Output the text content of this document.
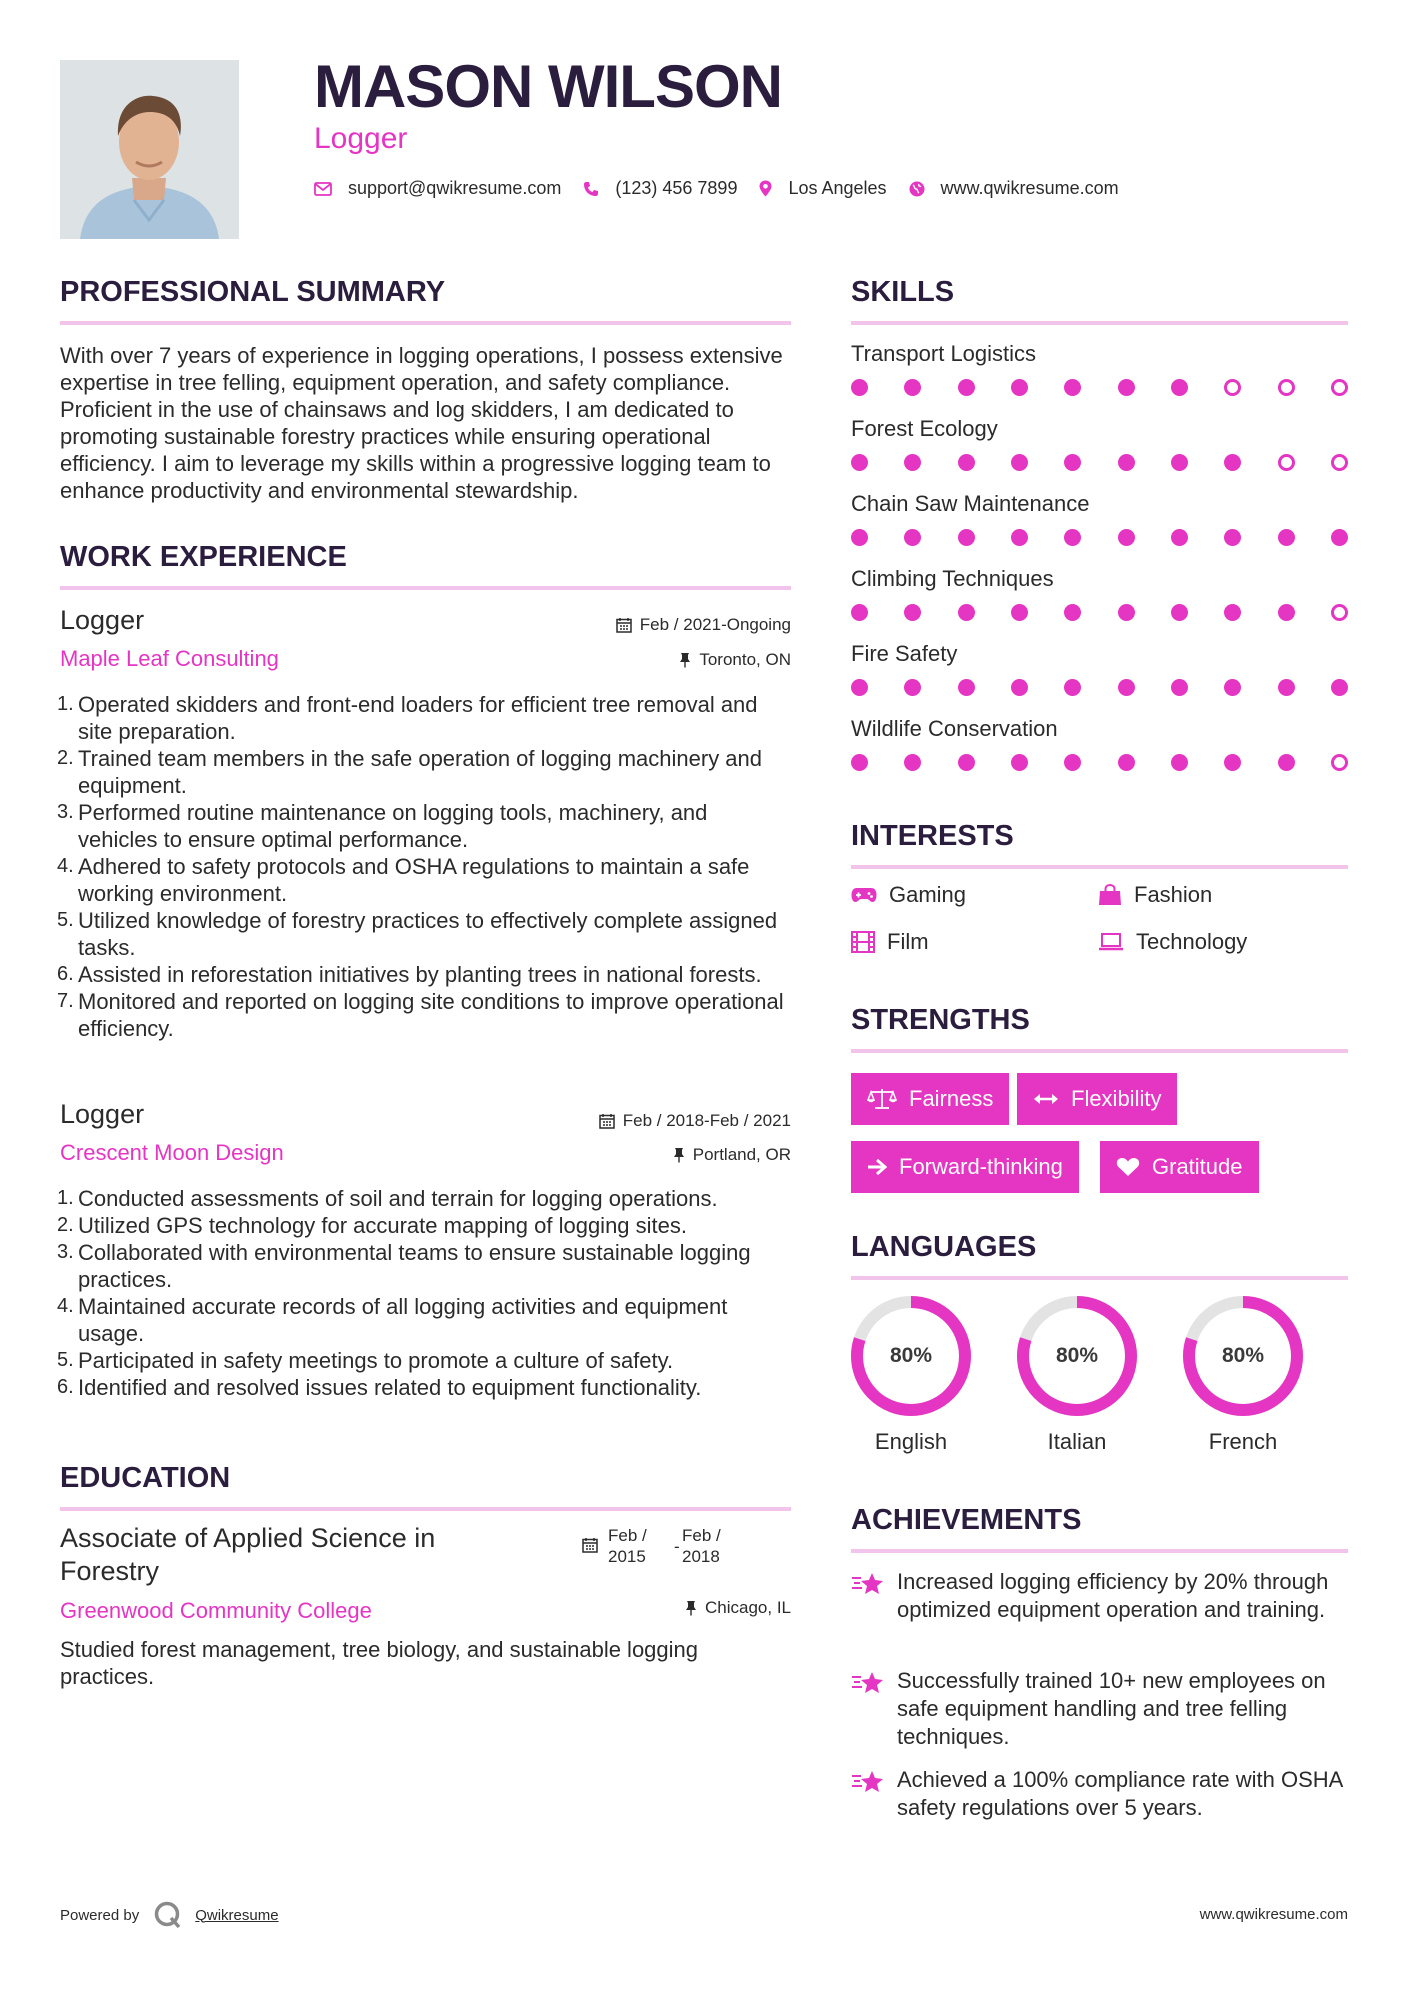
MASON WILSON
Logger
support@qwikresume.com	(123) 456 7899	Los Angeles	www.qwikresume.com
PROFESSIONAL SUMMARY

With over 7 years of experience in logging operations, I possess extensive expertise in tree felling, equipment operation, and safety compliance. Proficient in the use of chainsaws and log skidders, I am dedicated to promoting sustainable forestry practices while ensuring operational efficiency. I aim to leverage my skills within a progressive logging team to enhance productivity and environmental stewardship.

WORK EXPERIENCE
Logger
Maple Leaf Consulting
Feb / 2021-Ongoing
Toronto, ON
Operated skidders and front-end loaders for efficient tree removal and site preparation.
Trained team members in the safe operation of logging machinery and equipment.
Performed routine maintenance on logging tools, machinery, and vehicles to ensure optimal performance.
Adhered to safety protocols and OSHA regulations to maintain a safe working environment.
Utilized knowledge of forestry practices to effectively complete assigned tasks.
Assisted in reforestation initiatives by planting trees in national forests.
Monitored and reported on logging site conditions to improve operational efficiency.
Logger
Crescent Moon Design
Feb / 2018-Feb / 2021
Portland, OR
Conducted assessments of soil and terrain for logging operations.
Utilized GPS technology for accurate mapping of logging sites.
Collaborated with environmental teams to ensure sustainable logging practices.
Maintained accurate records of all logging activities and equipment usage.
Participated in safety meetings to promote a culture of safety.
Identified and resolved issues related to equipment functionality.
EDUCATION
Associate of Applied Science in Forestry
Greenwood Community College
Feb /
2015
-
Feb /
2018
Chicago, IL

Studied forest management, tree biology, and sustainable logging practices.

SKILLS
Transport Logistics
Forest Ecology
Chain Saw Maintenance
Climbing Techniques
Fire Safety
Wildlife Conservation
INTERESTS
Gaming	Fashion
Film	Technology
STRENGTHS
Fairness	Flexibility
Forward-thinking	Gratitude
LANGUAGES
80%
English
80%
Italian
80%
French
ACHIEVEMENTS
Increased logging efficiency by 20% through optimized equipment operation and training.
Successfully trained 10+ new employees on safe equipment handling and tree felling techniques.
Achieved a 100% compliance rate with OSHA safety regulations over 5 years.
Powered by	Qwikresume	www.qwikresume.com
